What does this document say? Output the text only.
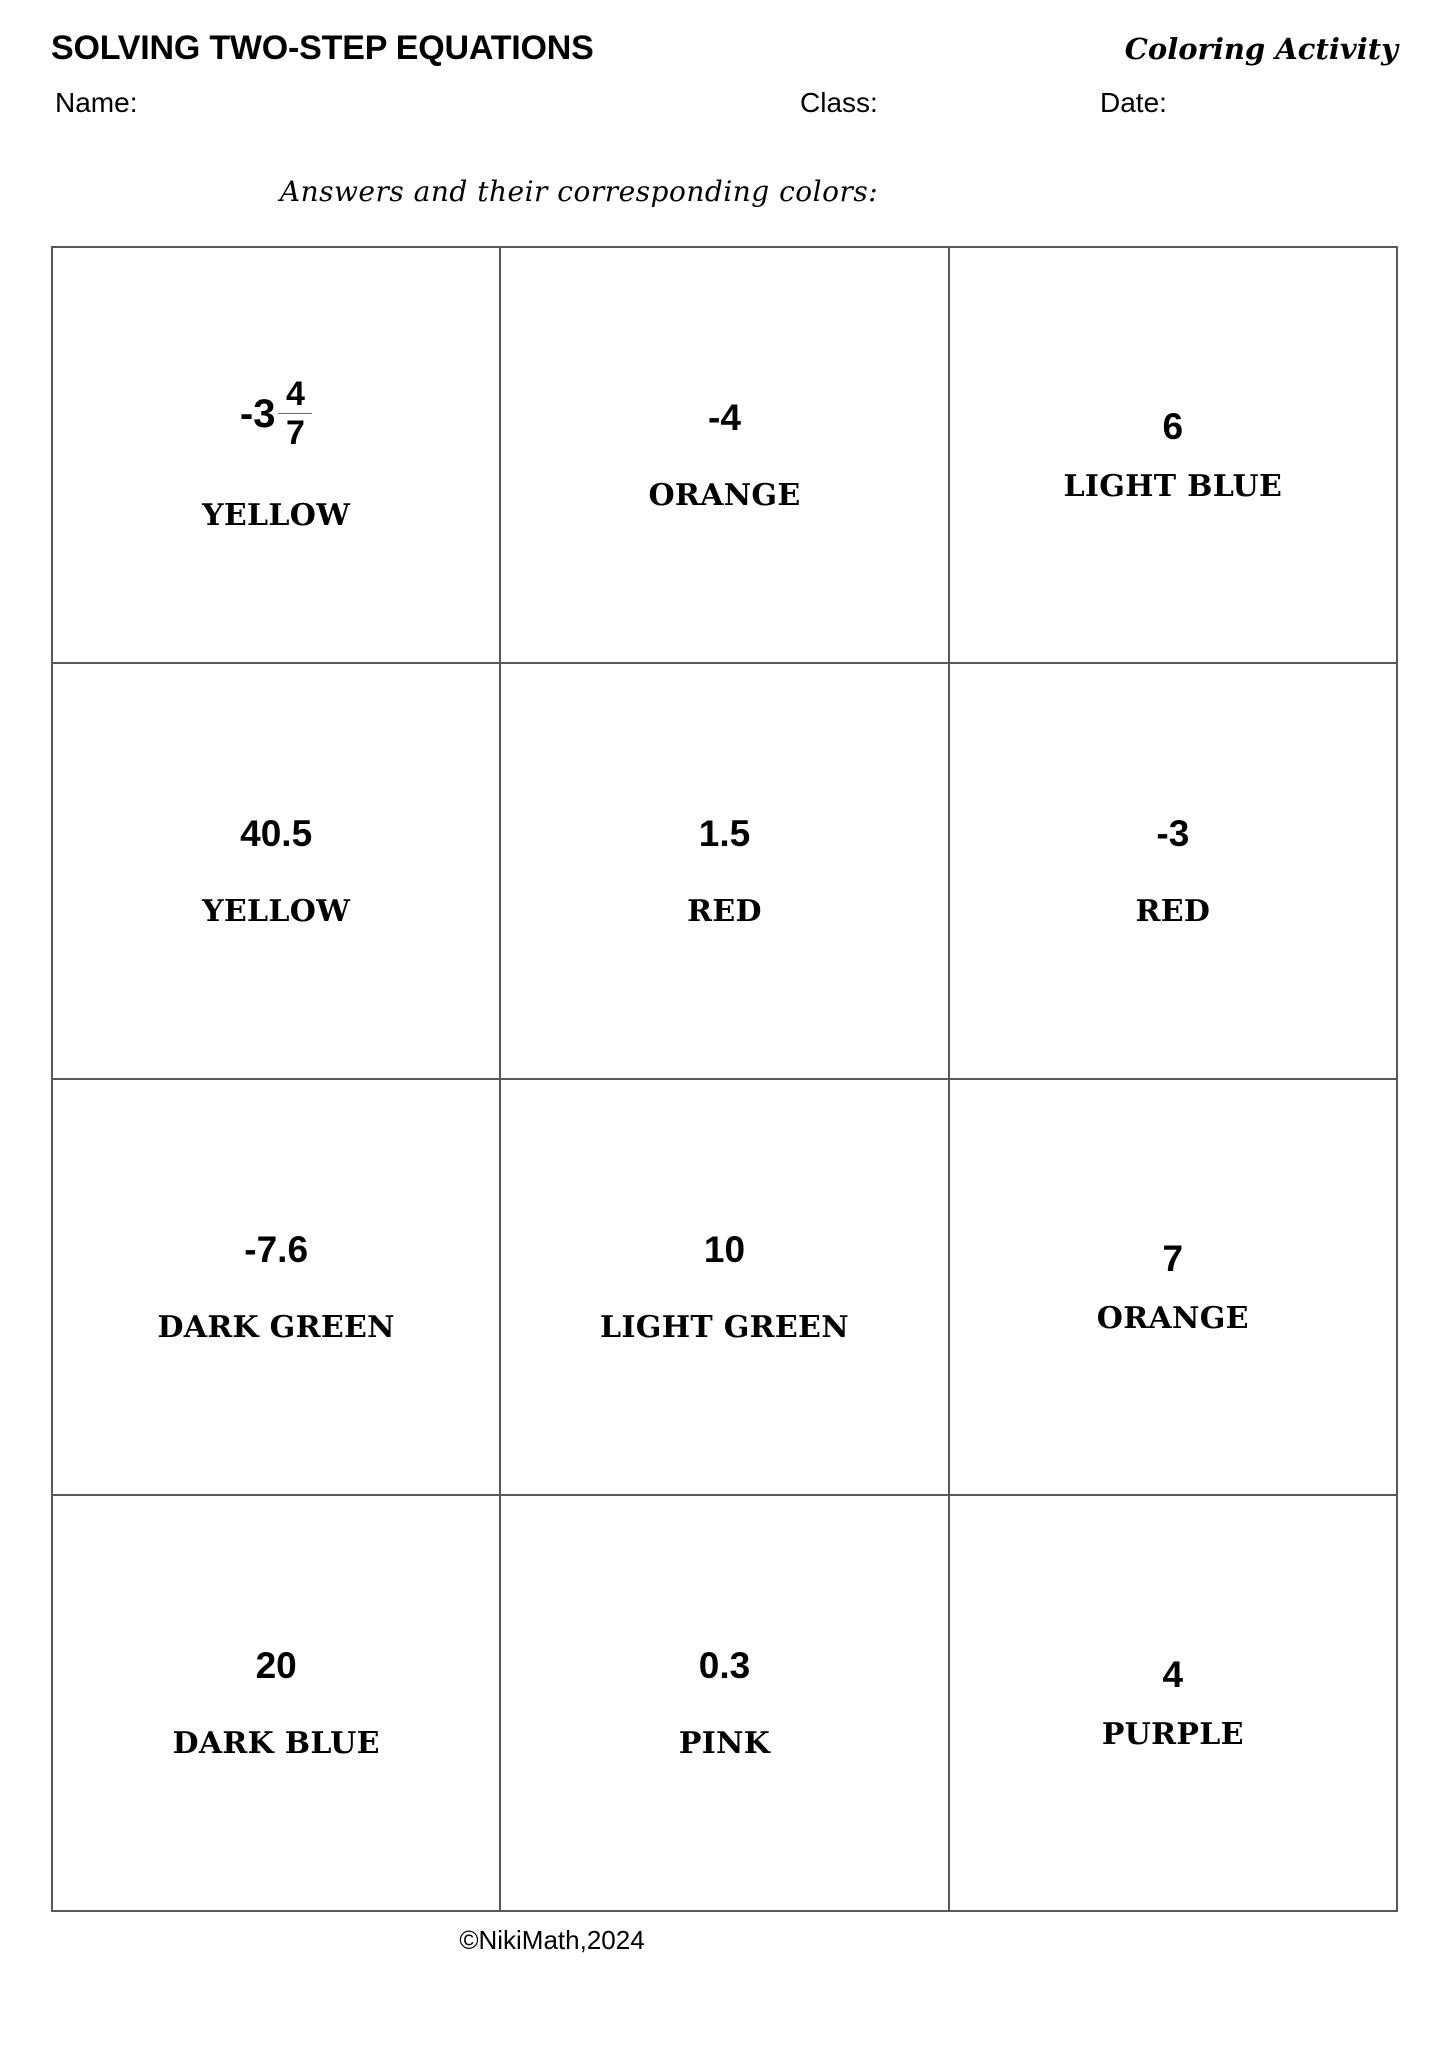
SOLVING TWO-STEP EQUATIONS	Coloring Activity
Name:	Class:	Date:
Answers and their corresponding colors:
$-3 \frac{4}{7}$
YELLOW

-4
ORANGE

6
LIGHT BLUE

40.5
YELLOW

1.5
RED

-3
RED

-7.6
DARK GREEN

10
LIGHT GREEN

7
ORANGE

20
DARK BLUE

0.3
PINK

4
PURPLE
©NikiMath,2024
